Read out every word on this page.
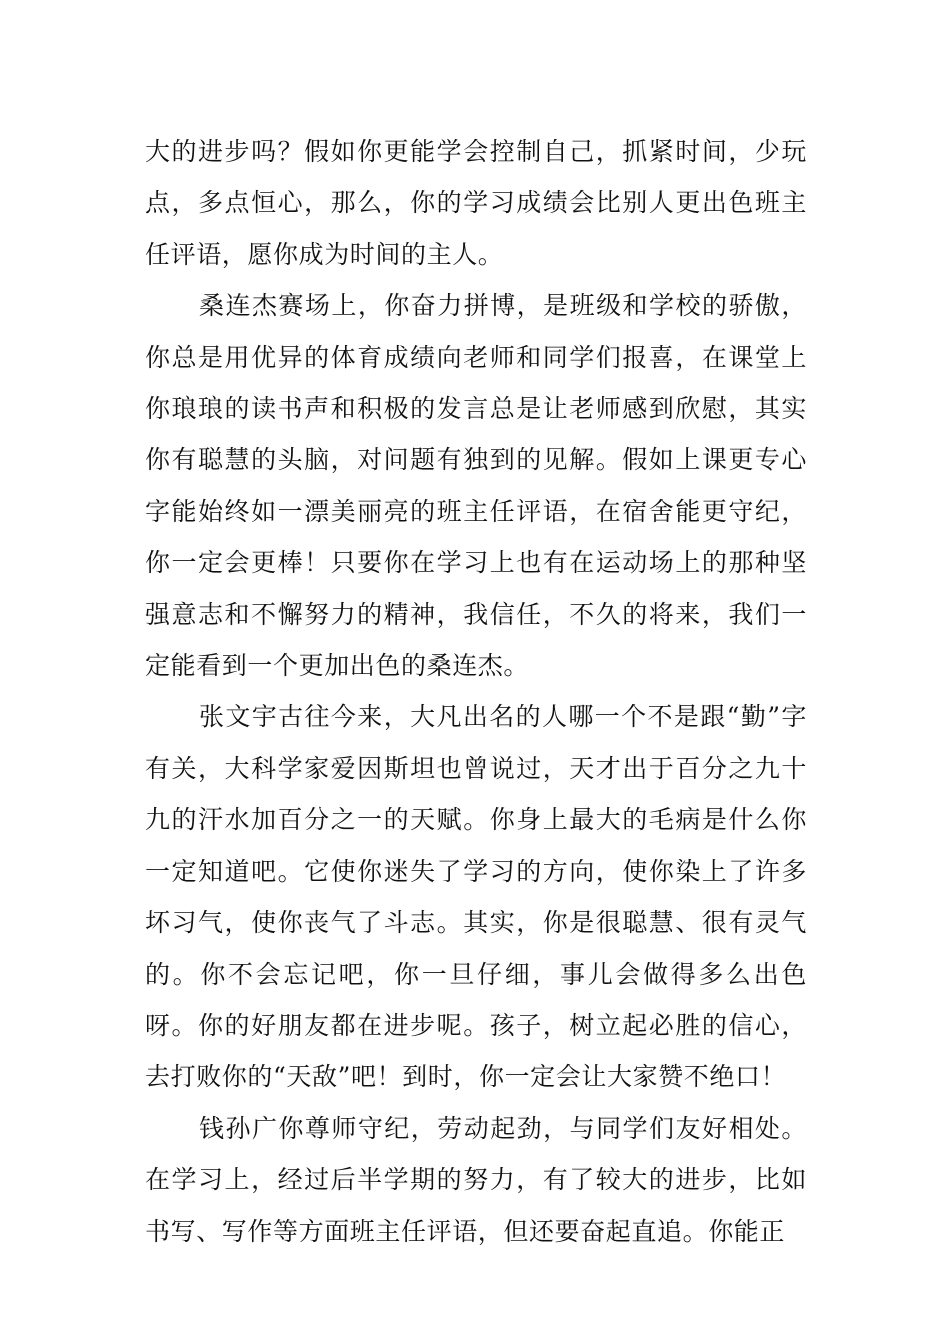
大的进步吗？假如你更能学会控制自己，抓紧时间，少玩点，多点恒心，那么，你的学习成绩会比别人更出色班主任评语，愿你成为时间的主人。

桑连杰赛场上，你奋力拼博，是班级和学校的骄傲，你总是用优异的体育成绩向老师和同学们报喜，在课堂上你琅琅的读书声和积极的发言总是让老师感到欣慰，其实你有聪慧的头脑，对问题有独到的见解。假如上课更专心字能始终如一漂美丽亮的班主任评语，在宿舍能更守纪，你一定会更棒！只要你在学习上也有在运动场上的那种坚强意志和不懈努力的精神，我信任，不久的将来，我们一定能看到一个更加出色的桑连杰。

张文宇古往今来，大凡出名的人哪一个不是跟“勤”字有关，大科学家爱因斯坦也曾说过，天才出于百分之九十九的汗水加百分之一的天赋。你身上最大的毛病是什么你一定知道吧。它使你迷失了学习的方向，使你染上了许多坏习气，使你丧气了斗志。其实，你是很聪慧、很有灵气的。你不会忘记吧，你一旦仔细，事儿会做得多么出色呀。你的好朋友都在进步呢。孩子，树立起必胜的信心，去打败你的“天敌”吧！到时，你一定会让大家赞不绝口！

钱孙广你尊师守纪，劳动起劲，与同学们友好相处。在学习上，经过后半学期的努力，有了较大的进步，比如书写、写作等方面班主任评语，但还要奋起直追。你能正
